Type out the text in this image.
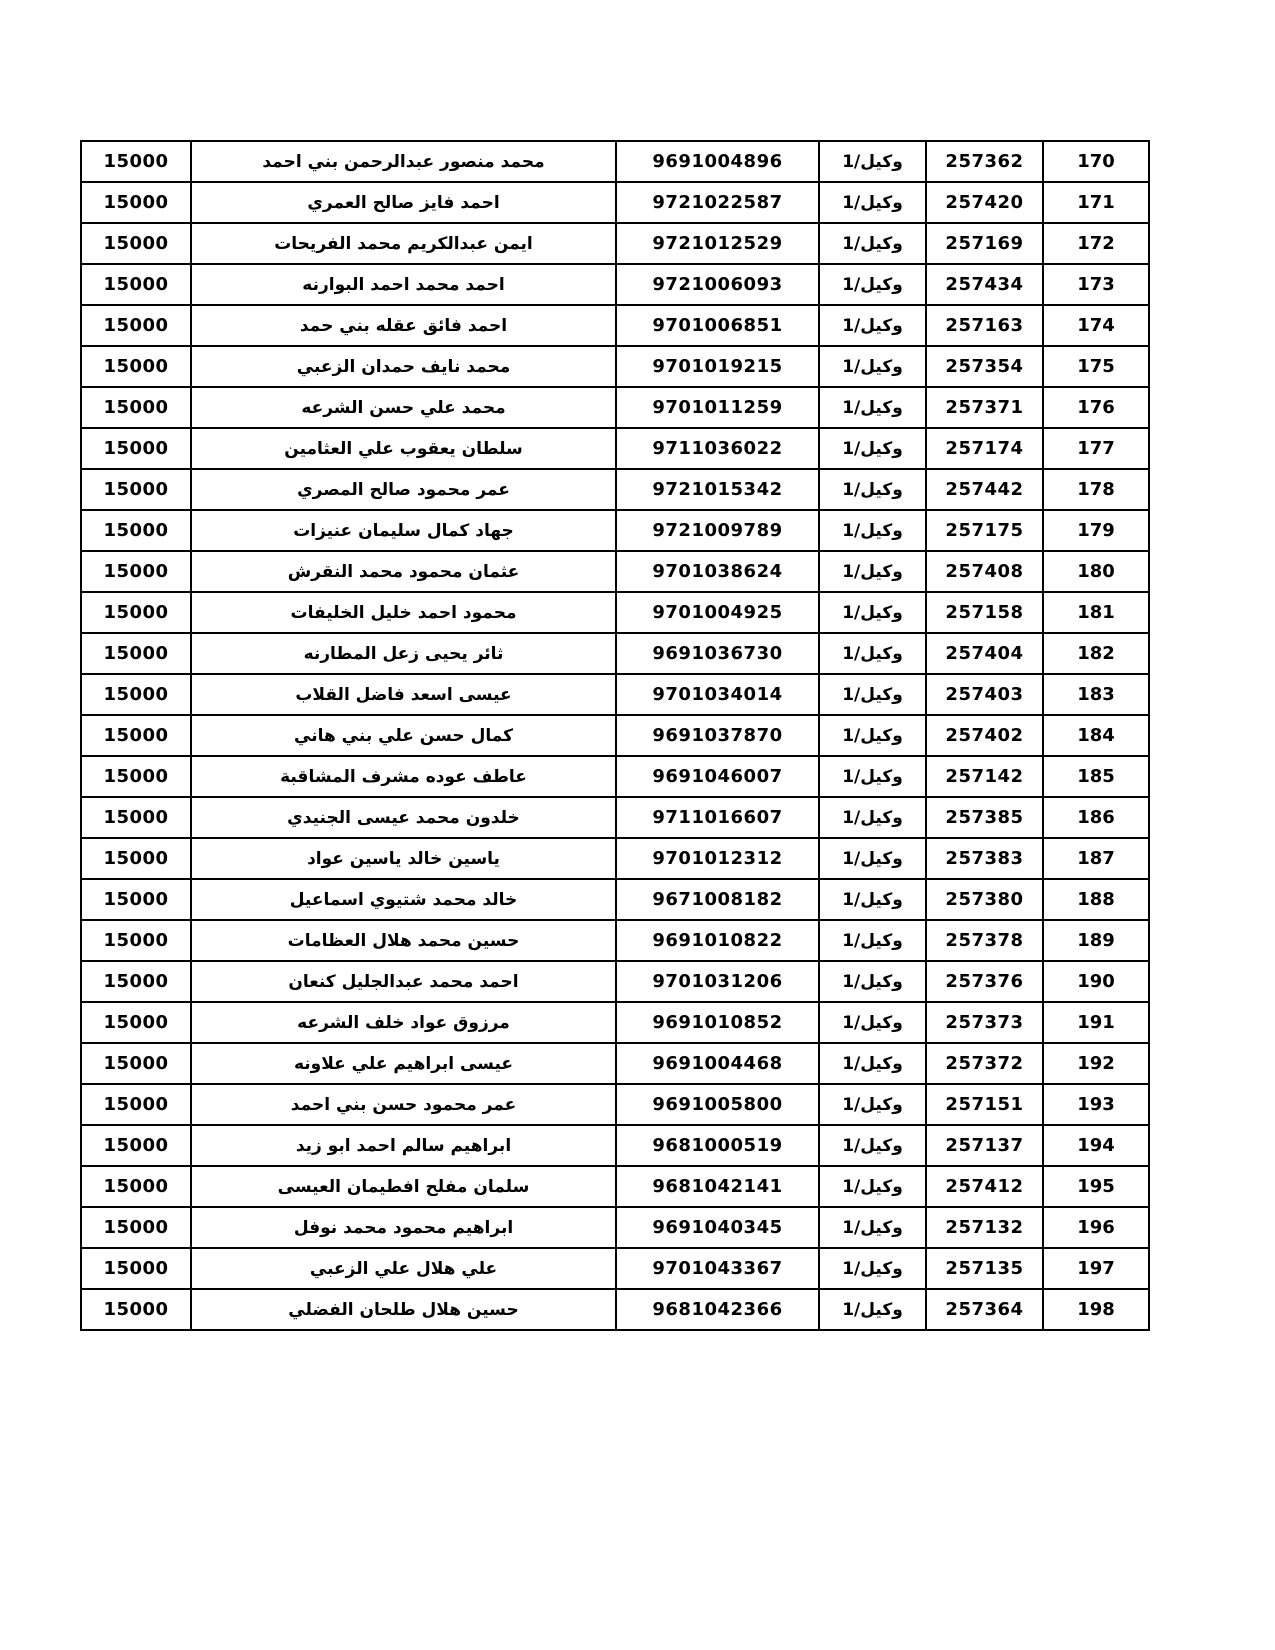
15000	محمد منصور عبدالرحمن بني احمد	9691004896	وكيل/1	257362	170
15000	احمد فايز صالح العمري	9721022587	وكيل/1	257420	171
15000	ايمن عبدالكريم محمد الفريحات	9721012529	وكيل/1	257169	172
15000	احمد محمد احمد البوارنه	9721006093	وكيل/1	257434	173
15000	احمد فائق عقله بني حمد	9701006851	وكيل/1	257163	174
15000	محمد نايف حمدان الزعبي	9701019215	وكيل/1	257354	175
15000	محمد علي حسن الشرعه	9701011259	وكيل/1	257371	176
15000	سلطان يعقوب علي العثامين	9711036022	وكيل/1	257174	177
15000	عمر محمود صالح المصري	9721015342	وكيل/1	257442	178
15000	جهاد كمال سليمان عنيزات	9721009789	وكيل/1	257175	179
15000	عثمان محمود محمد النقرش	9701038624	وكيل/1	257408	180
15000	محمود احمد خليل الخليفات	9701004925	وكيل/1	257158	181
15000	ثائر يحيى زعل المطارنه	9691036730	وكيل/1	257404	182
15000	عيسى اسعد فاضل القلاب	9701034014	وكيل/1	257403	183
15000	كمال حسن علي بني هاني	9691037870	وكيل/1	257402	184
15000	عاطف عوده مشرف المشاقبة	9691046007	وكيل/1	257142	185
15000	خلدون محمد عيسى الجنيدي	9711016607	وكيل/1	257385	186
15000	ياسين خالد ياسين عواد	9701012312	وكيل/1	257383	187
15000	خالد محمد شتيوي اسماعيل	9671008182	وكيل/1	257380	188
15000	حسين محمد هلال العظامات	9691010822	وكيل/1	257378	189
15000	احمد محمد عبدالجليل كنعان	9701031206	وكيل/1	257376	190
15000	مرزوق عواد خلف الشرعه	9691010852	وكيل/1	257373	191
15000	عيسى ابراهيم علي علاونه	9691004468	وكيل/1	257372	192
15000	عمر محمود حسن بني احمد	9691005800	وكيل/1	257151	193
15000	ابراهيم سالم احمد ابو زيد	9681000519	وكيل/1	257137	194
15000	سلمان مفلح افطيمان العيسى	9681042141	وكيل/1	257412	195
15000	ابراهيم محمود محمد نوفل	9691040345	وكيل/1	257132	196
15000	علي هلال علي الزعبي	9701043367	وكيل/1	257135	197
15000	حسين هلال طلحان الفضلي	9681042366	وكيل/1	257364	198
